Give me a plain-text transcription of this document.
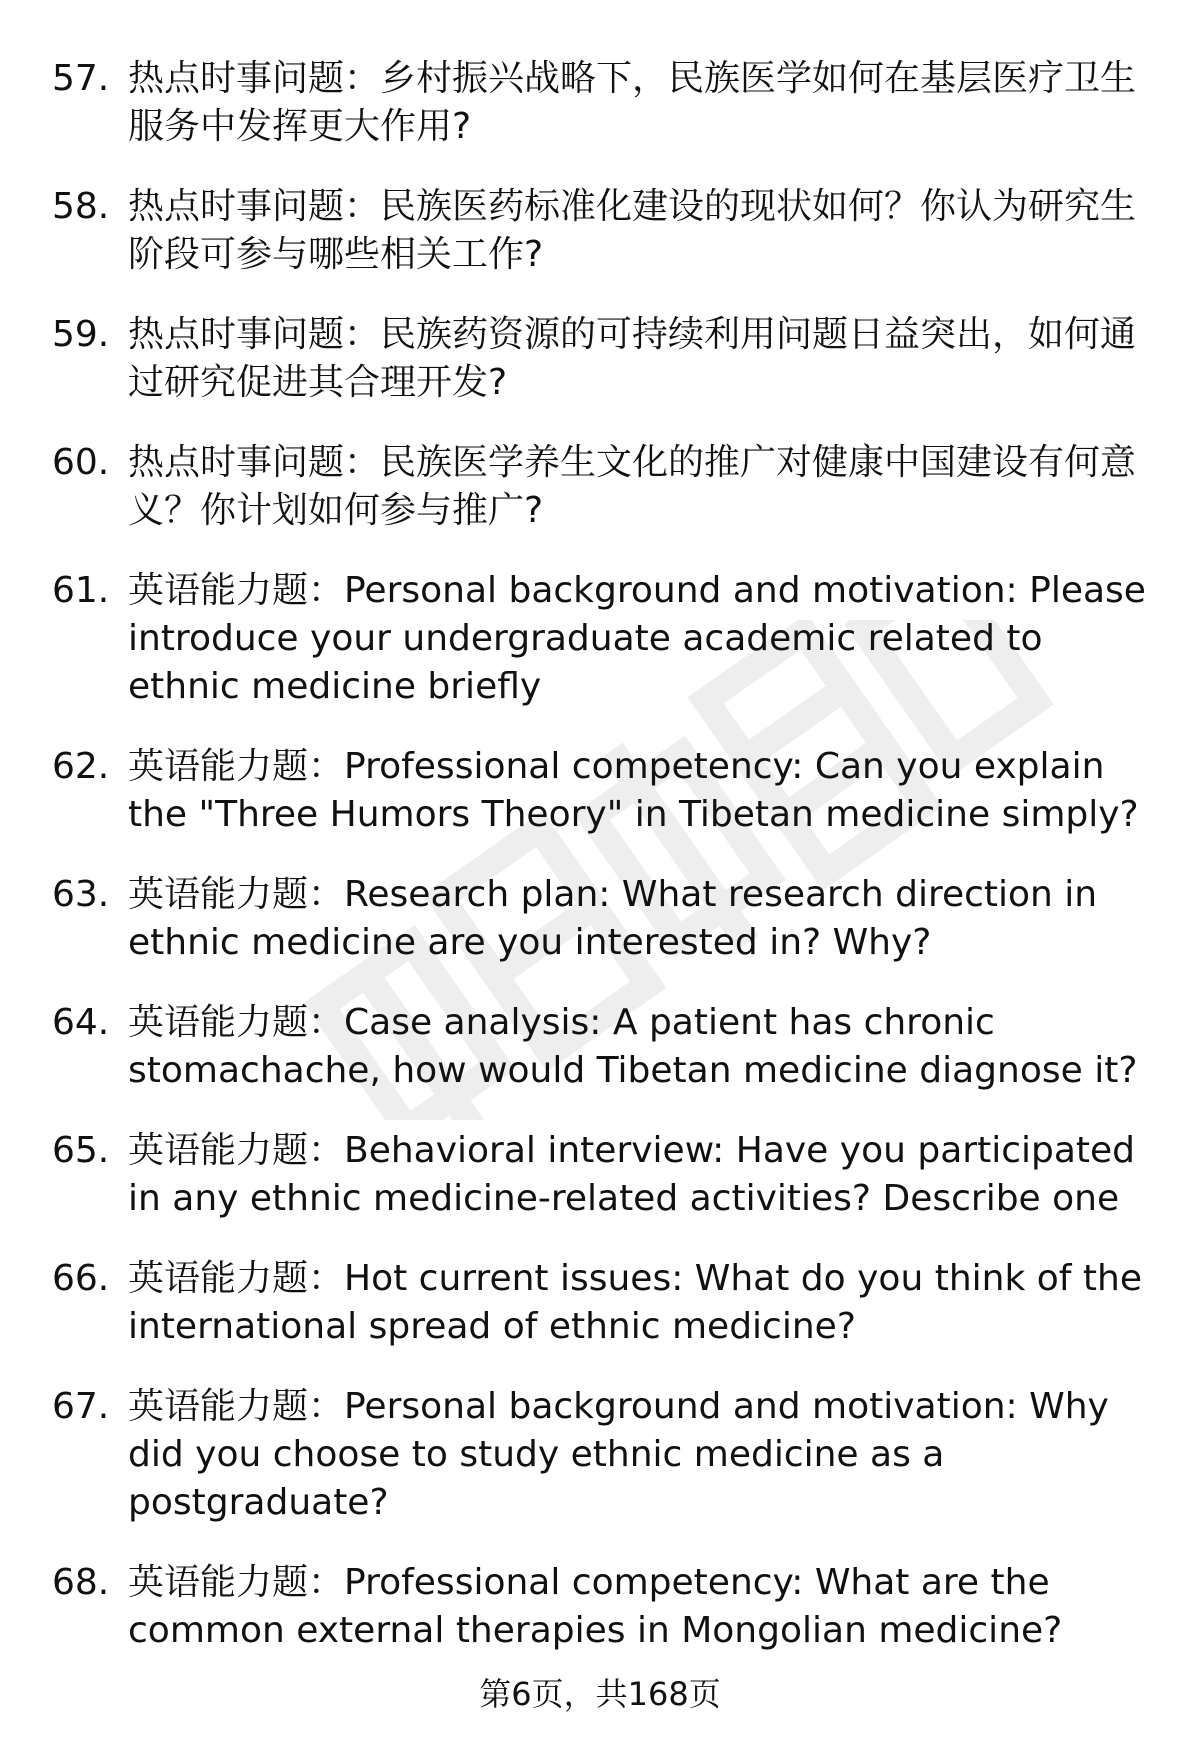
57. 热点时事问题：乡村振兴战略下，民族医学如何在基层医疗卫生服务中发挥更大作用?
58. 热点时事问题：民族医药标准化建设的现状如何？你认为研究生阶段可参与哪些相关工作?
59. 热点时事问题：民族药资源的可持续利用问题日益突出，如何通过研究促进其合理开发?
60. 热点时事问题：民族医学养生文化的推广对健康中国建设有何意义？你计划如何参与推广?
61. 英语能力题：Personal background and motivation: Please introduce your undergraduate academic related to ethnic medicine briefly
62. 英语能力题：Professional competency: Can you explain the "Three Humors Theory" in Tibetan medicine simply?
63. 英语能力题：Research plan: What research direction in ethnic medicine are you interested in? Why?
64. 英语能力题：Case analysis: A patient has chronic stomachache, how would Tibetan medicine diagnose it?
65. 英语能力题：Behavioral interview: Have you participated in any ethnic medicine-related activities? Describe one
66. 英语能力题：Hot current issues: What do you think of the international spread of ethnic medicine?
67. 英语能力题：Personal background and motivation: Why did you choose to study ethnic medicine as a postgraduate?
68. 英语能力题：Professional competency: What are the common external therapies in Mongolian medicine?
第6页，共168页
